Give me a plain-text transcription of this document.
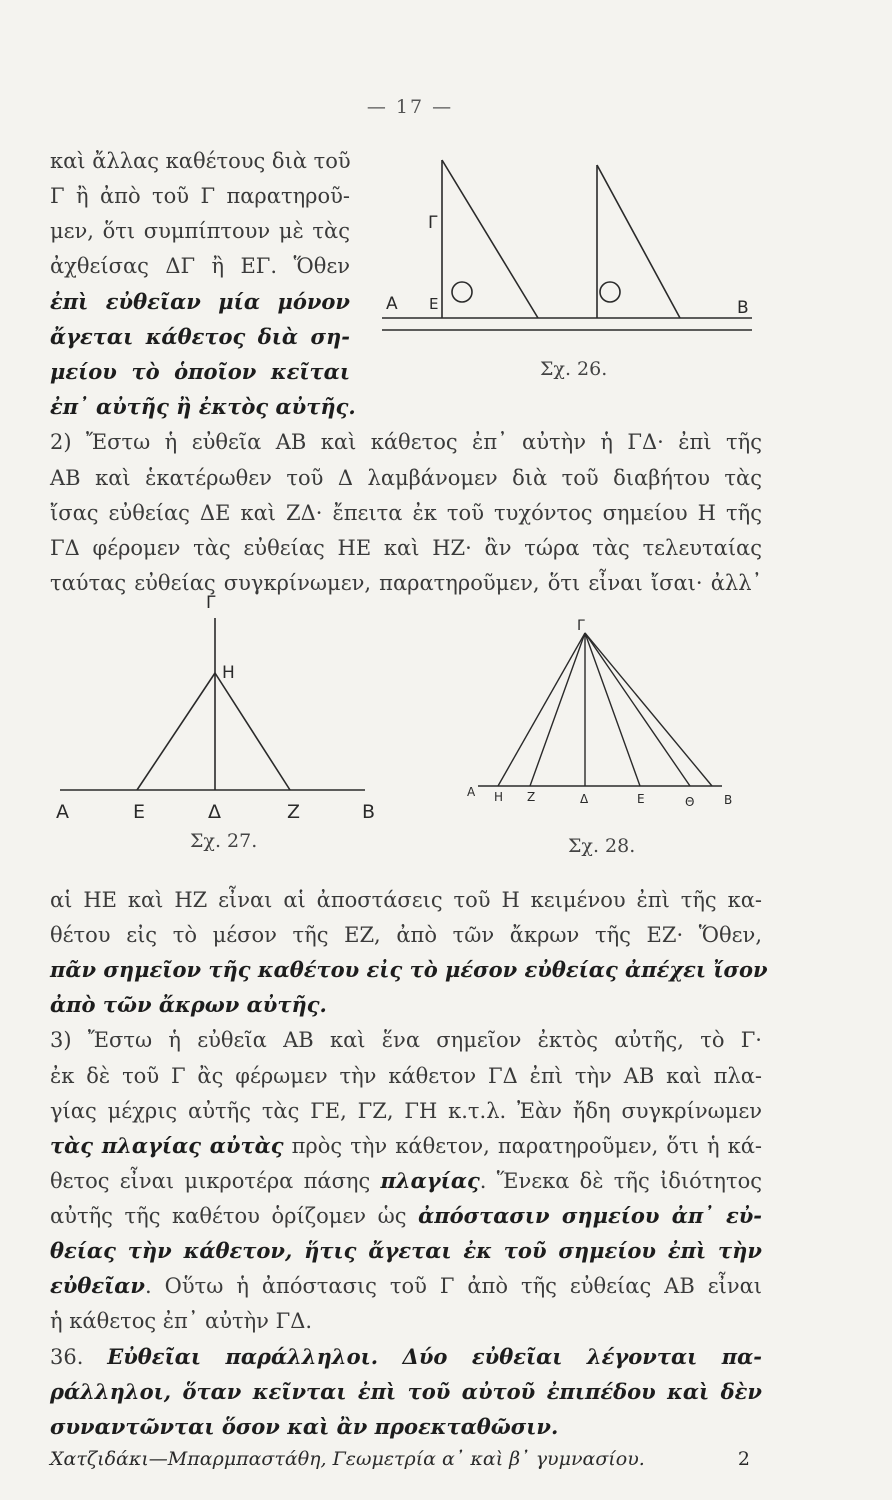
— 17 —
καὶ ἄλλας καθέτους διὰ τοῦ
Γ ἢ ἀπὸ τοῦ Γ παρατηροῦ-
μεν, ὅτι συμπίπτουν μὲ τὰς
ἀχθείσας ΔΓ ἢ ΕΓ. Ὅθεν
ἐπὶ εὐθεῖαν μία μόνον
ἄγεται κάθετος διὰ ση-
μείου τὸ ὁποῖον κεῖται
ἐπ᾽ αὐτῆς ἢ ἐκτὸς αὐτῆς.
Γ
A E	B
Σχ. 26.
2) Ἔστω ἡ εὐθεῖα ΑΒ καὶ κάθετος ἐπ᾽ αὐτὴν ἡ ΓΔ· ἐπὶ τῆς
ΑΒ καὶ ἑκατέρωθεν τοῦ Δ λαμβάνομεν διὰ τοῦ διαβήτου τὰς
ἴσας εὐθείας ΔΕ καὶ ΖΔ· ἔπειτα ἐκ τοῦ τυχόντος σημείου Η τῆς
ΓΔ φέρομεν τὰς εὐθείας ΗΕ καὶ ΗΖ· ἂν τώρα τὰς τελευταίας
ταύτας εὐθείας συγκρίνωμεν, παρατηροῦμεν, ὅτι εἶναι ἴσαι· ἀλλ᾽
Γ
H
A	E	Δ	Z	B
Σχ. 27.
Γ
A H Z	Δ	E	Θ B
Σχ. 28.
αἱ ΗΕ καὶ ΗΖ εἶναι αἱ ἀποστάσεις τοῦ Η κειμένου ἐπὶ τῆς κα-
θέτου εἰς τὸ μέσον τῆς ΕΖ, ἀπὸ τῶν ἄκρων τῆς ΕΖ· Ὅθεν,
πᾶν σημεῖον τῆς καθέτου εἰς τὸ μέσον εὐθείας ἀπέχει ἴσον
ἀπὸ τῶν ἄκρων αὐτῆς.
3) Ἔστω ἡ εὐθεῖα ΑΒ καὶ ἕνα σημεῖον ἐκτὸς αὐτῆς, τὸ Γ·
ἐκ δὲ τοῦ Γ ἂς φέρωμεν τὴν κάθετον ΓΔ ἐπὶ τὴν ΑΒ καὶ πλα-
γίας μέχρις αὐτῆς τὰς ΓΕ, ΓΖ, ΓΗ κ.τ.λ. Ἐὰν ἤδη συγκρίνωμεν
τὰς πλαγίας αὐτὰς πρὸς τὴν κάθετον, παρατηροῦμεν, ὅτι ἡ κά-
θετος εἶναι μικροτέρα πάσης πλαγίας. Ἕνεκα δὲ τῆς ἰδιότητος
αὐτῆς τῆς καθέτου ὁρίζομεν ὡς ἀπόστασιν σημείου ἀπ᾽ εὐ-
θείας τὴν κάθετον, ἥτις ἄγεται ἐκ τοῦ σημείου ἐπὶ τὴν
εὐθεῖαν. Οὕτω ἡ ἀπόστασις τοῦ Γ ἀπὸ τῆς εὐθείας ΑΒ εἶναι
ἡ κάθετος ἐπ᾽ αὐτὴν ΓΔ.
36. Εὐθεῖαι παράλληλοι. Δύο εὐθεῖαι λέγονται πα-
ράλληλοι, ὅταν κεῖνται ἐπὶ τοῦ αὐτοῦ ἐπιπέδου καὶ δὲν
συναντῶνται ὅσον καὶ ἂν προεκταθῶσιν.
Χατζιδάκι—Μπαρμπαστάθη, Γεωμετρία α᾽ καὶ β᾽ γυμνασίου.	2
